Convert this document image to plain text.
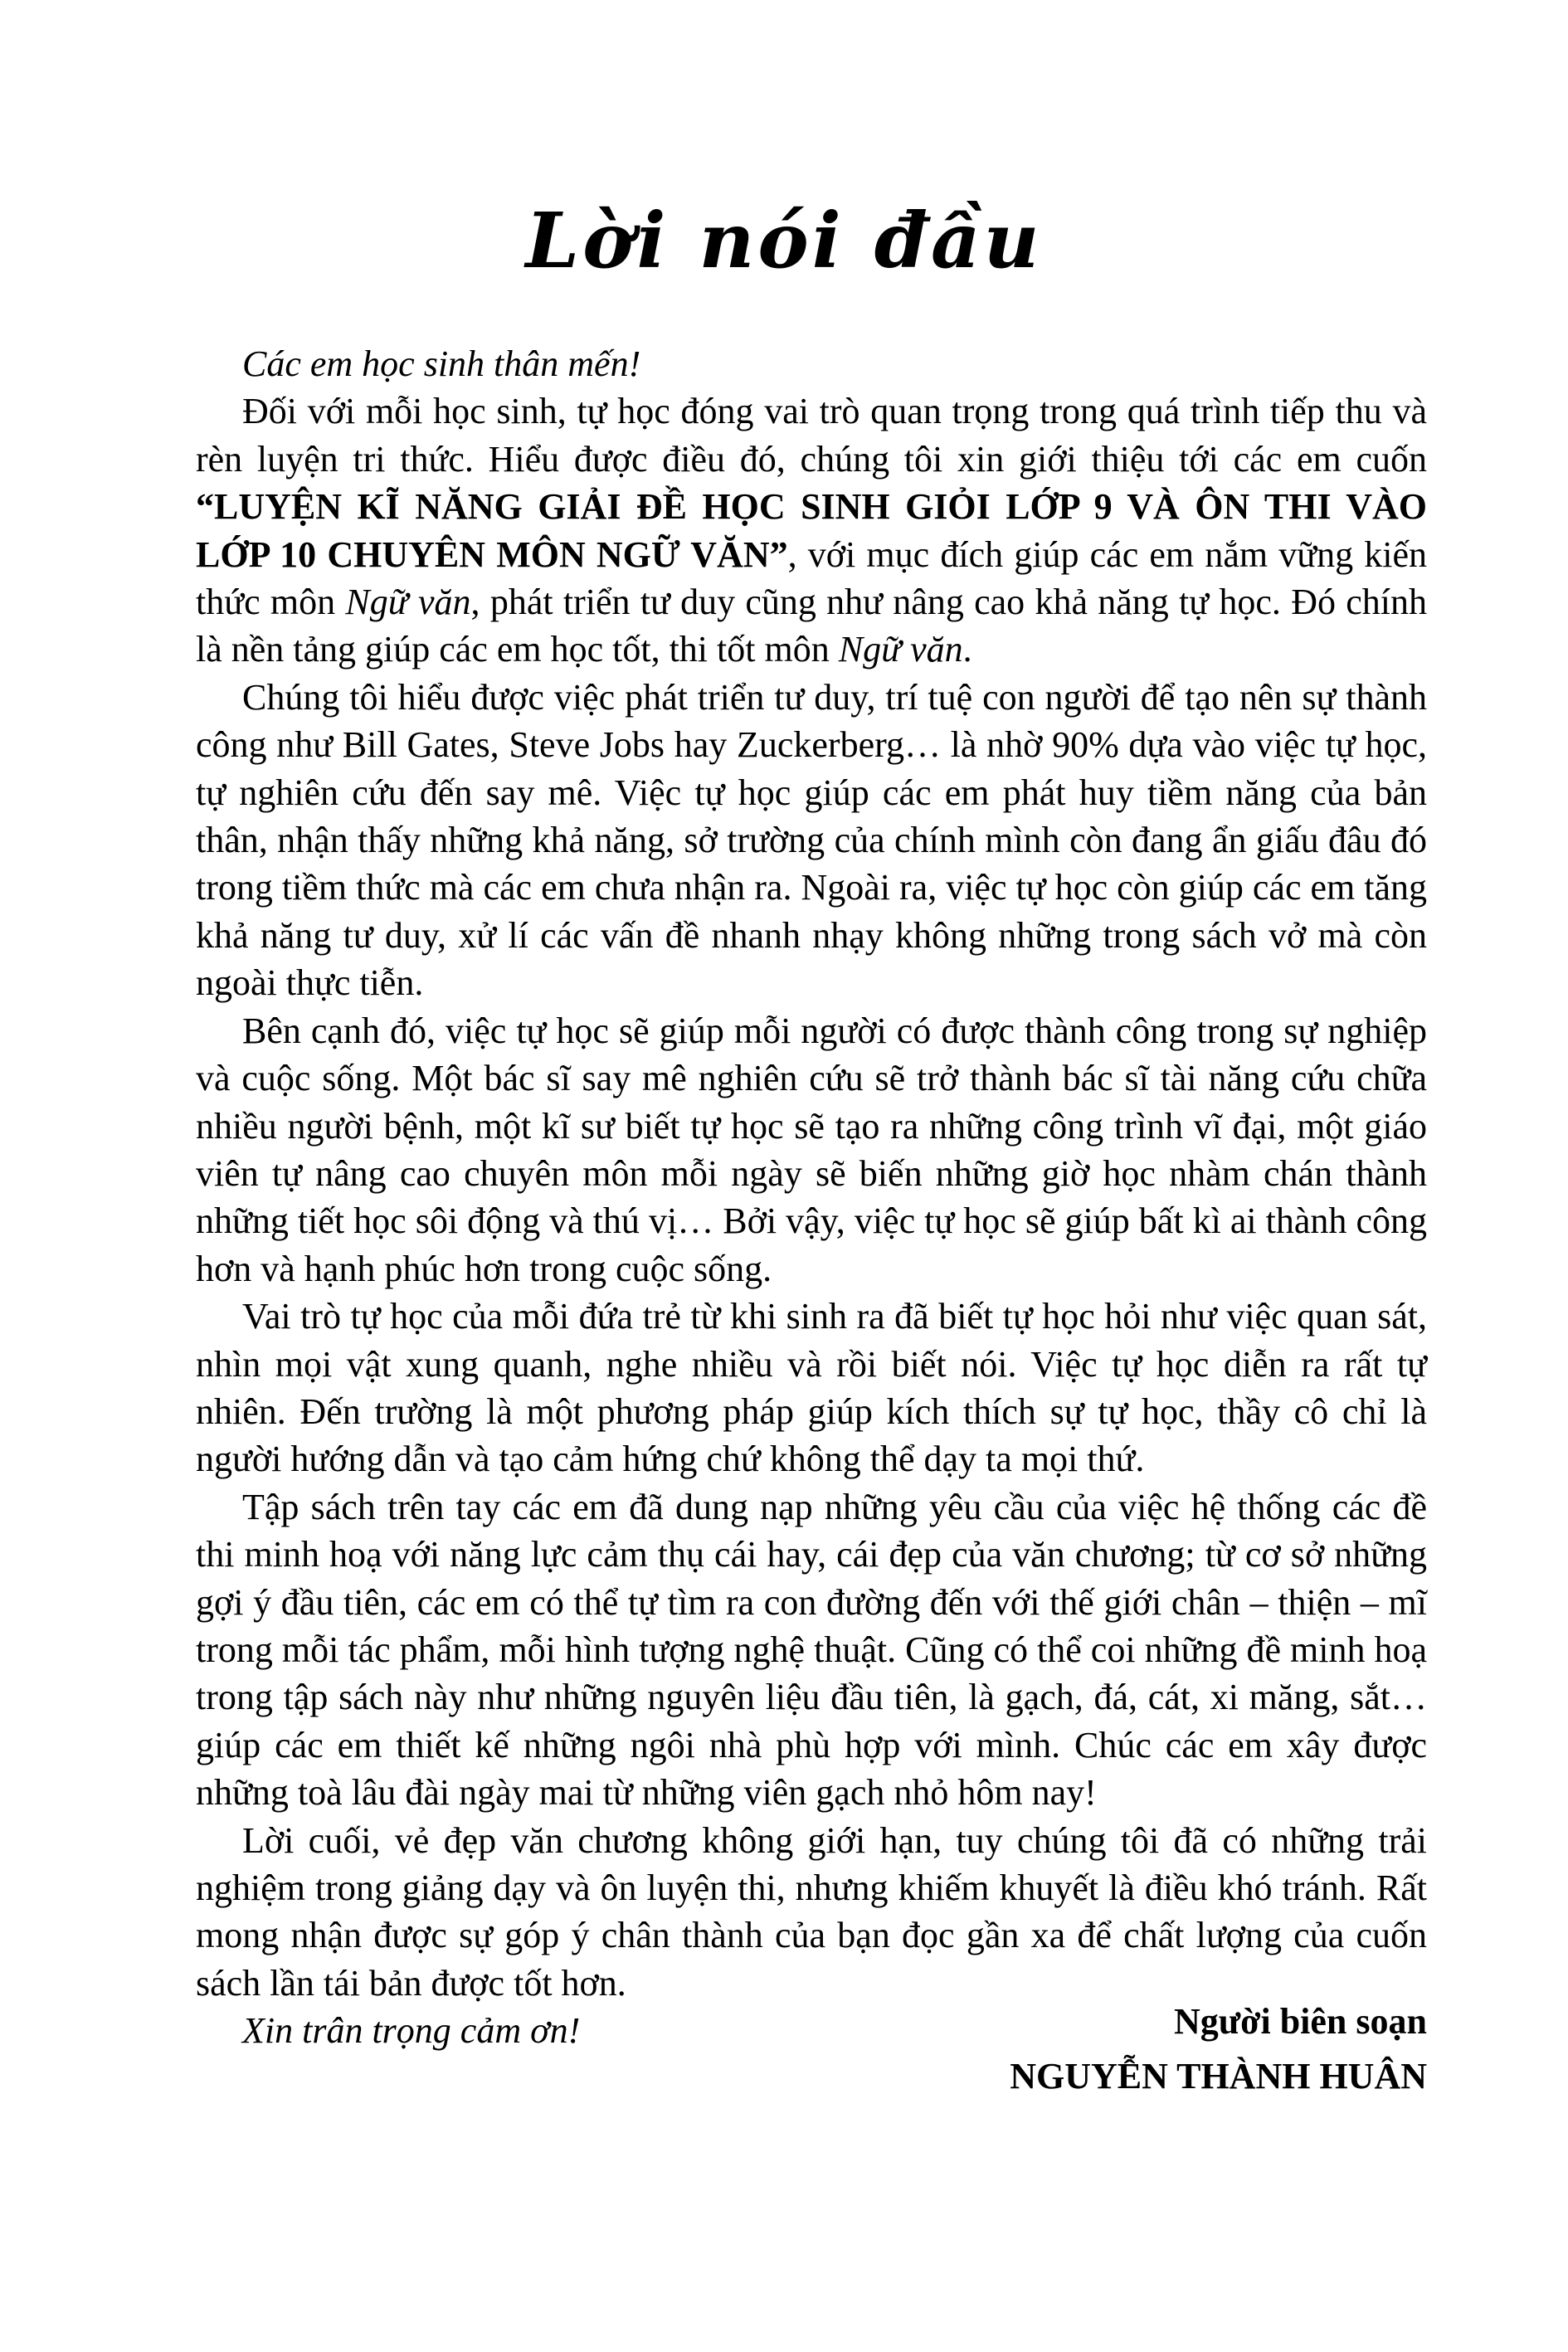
Lời nói đầu

Các em học sinh thân mến!

Đối với mỗi học sinh, tự học đóng vai trò quan trọng trong quá trình tiếp thu và rèn luyện tri thức. Hiểu được điều đó, chúng tôi xin giới thiệu tới các em cuốn “LUYỆN KĨ NĂNG GIẢI ĐỀ HỌC SINH GIỎI LỚP 9 VÀ ÔN THI VÀO LỚP 10 CHUYÊN MÔN NGỮ VĂN”, với mục đích giúp các em nắm vững kiến thức môn Ngữ văn, phát triển tư duy cũng như nâng cao khả năng tự học. Đó chính là nền tảng giúp các em học tốt, thi tốt môn Ngữ văn.

Chúng tôi hiểu được việc phát triển tư duy, trí tuệ con người để tạo nên sự thành công như Bill Gates, Steve Jobs hay Zuckerberg… là nhờ 90% dựa vào việc tự học, tự nghiên cứu đến say mê. Việc tự học giúp các em phát huy tiềm năng của bản thân, nhận thấy những khả năng, sở trường của chính mình còn đang ẩn giấu đâu đó trong tiềm thức mà các em chưa nhận ra. Ngoài ra, việc tự học còn giúp các em tăng khả năng tư duy, xử lí các vấn đề nhanh nhạy không những trong sách vở mà còn ngoài thực tiễn.

Bên cạnh đó, việc tự học sẽ giúp mỗi người có được thành công trong sự nghiệp và cuộc sống. Một bác sĩ say mê nghiên cứu sẽ trở thành bác sĩ tài năng cứu chữa nhiều người bệnh, một kĩ sư biết tự học sẽ tạo ra những công trình vĩ đại, một giáo viên tự nâng cao chuyên môn mỗi ngày sẽ biến những giờ học nhàm chán thành những tiết học sôi động và thú vị… Bởi vậy, việc tự học sẽ giúp bất kì ai thành công hơn và hạnh phúc hơn trong cuộc sống.

Vai trò tự học của mỗi đứa trẻ từ khi sinh ra đã biết tự học hỏi như việc quan sát, nhìn mọi vật xung quanh, nghe nhiều và rồi biết nói. Việc tự học diễn ra rất tự nhiên. Đến trường là một phương pháp giúp kích thích sự tự học, thầy cô chỉ là người hướng dẫn và tạo cảm hứng chứ không thể dạy ta mọi thứ.

Tập sách trên tay các em đã dung nạp những yêu cầu của việc hệ thống các đề thi minh hoạ với năng lực cảm thụ cái hay, cái đẹp của văn chương; từ cơ sở những gợi ý đầu tiên, các em có thể tự tìm ra con đường đến với thế giới chân – thiện – mĩ trong mỗi tác phẩm, mỗi hình tượng nghệ thuật. Cũng có thể coi những đề minh hoạ trong tập sách này như những nguyên liệu đầu tiên, là gạch, đá, cát, xi măng, sắt… giúp các em thiết kế những ngôi nhà phù hợp với mình. Chúc các em xây được những toà lâu đài ngày mai từ những viên gạch nhỏ hôm nay!

Lời cuối, vẻ đẹp văn chương không giới hạn, tuy chúng tôi đã có những trải nghiệm trong giảng dạy và ôn luyện thi, nhưng khiếm khuyết là điều khó tránh. Rất mong nhận được sự góp ý chân thành của bạn đọc gần xa để chất lượng của cuốn sách lần tái bản được tốt hơn.

Xin trân trọng cảm ơn!	Người biên soạn
NGUYỄN THÀNH HUÂN
